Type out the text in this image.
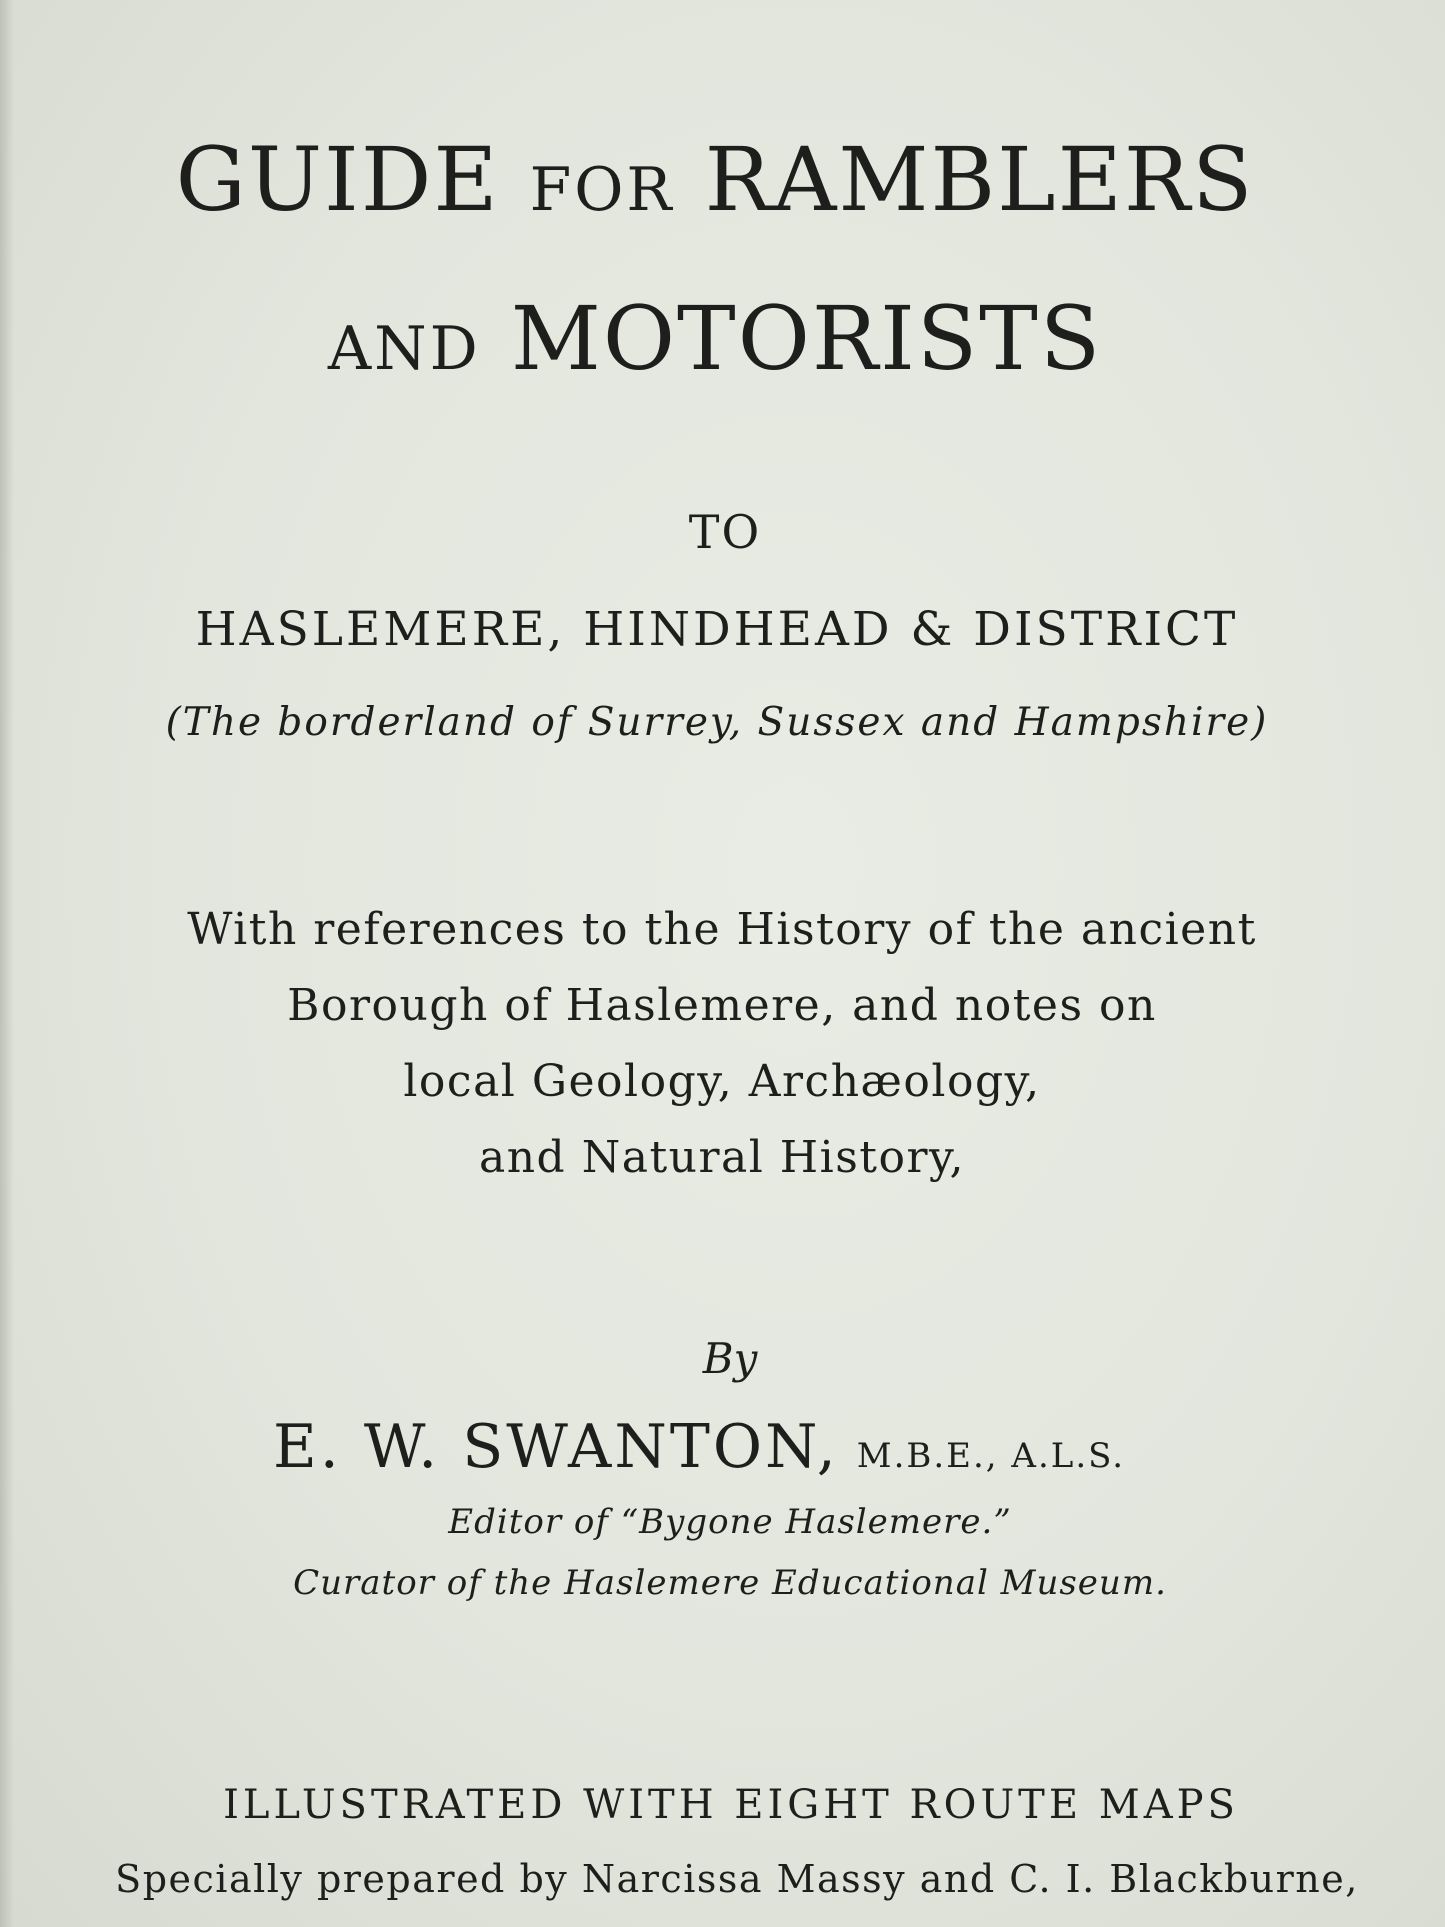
GUIDE FOR RAMBLERS
AND MOTORISTS
TO
HASLEMERE, HINDHEAD & DISTRICT
(The borderland of Surrey, Sussex and Hampshire)
With references to the History of the ancient
Borough of Haslemere, and notes on
local Geology, Archæology,
and Natural History,
By
E. W. SWANTON, M.B.E., A.L.S.
Editor of “Bygone Haslemere.”
Curator of the Haslemere Educational Museum.
ILLUSTRATED WITH EIGHT ROUTE MAPS
Specially prepared by Narcissa Massy and C. I. Blackburne,
